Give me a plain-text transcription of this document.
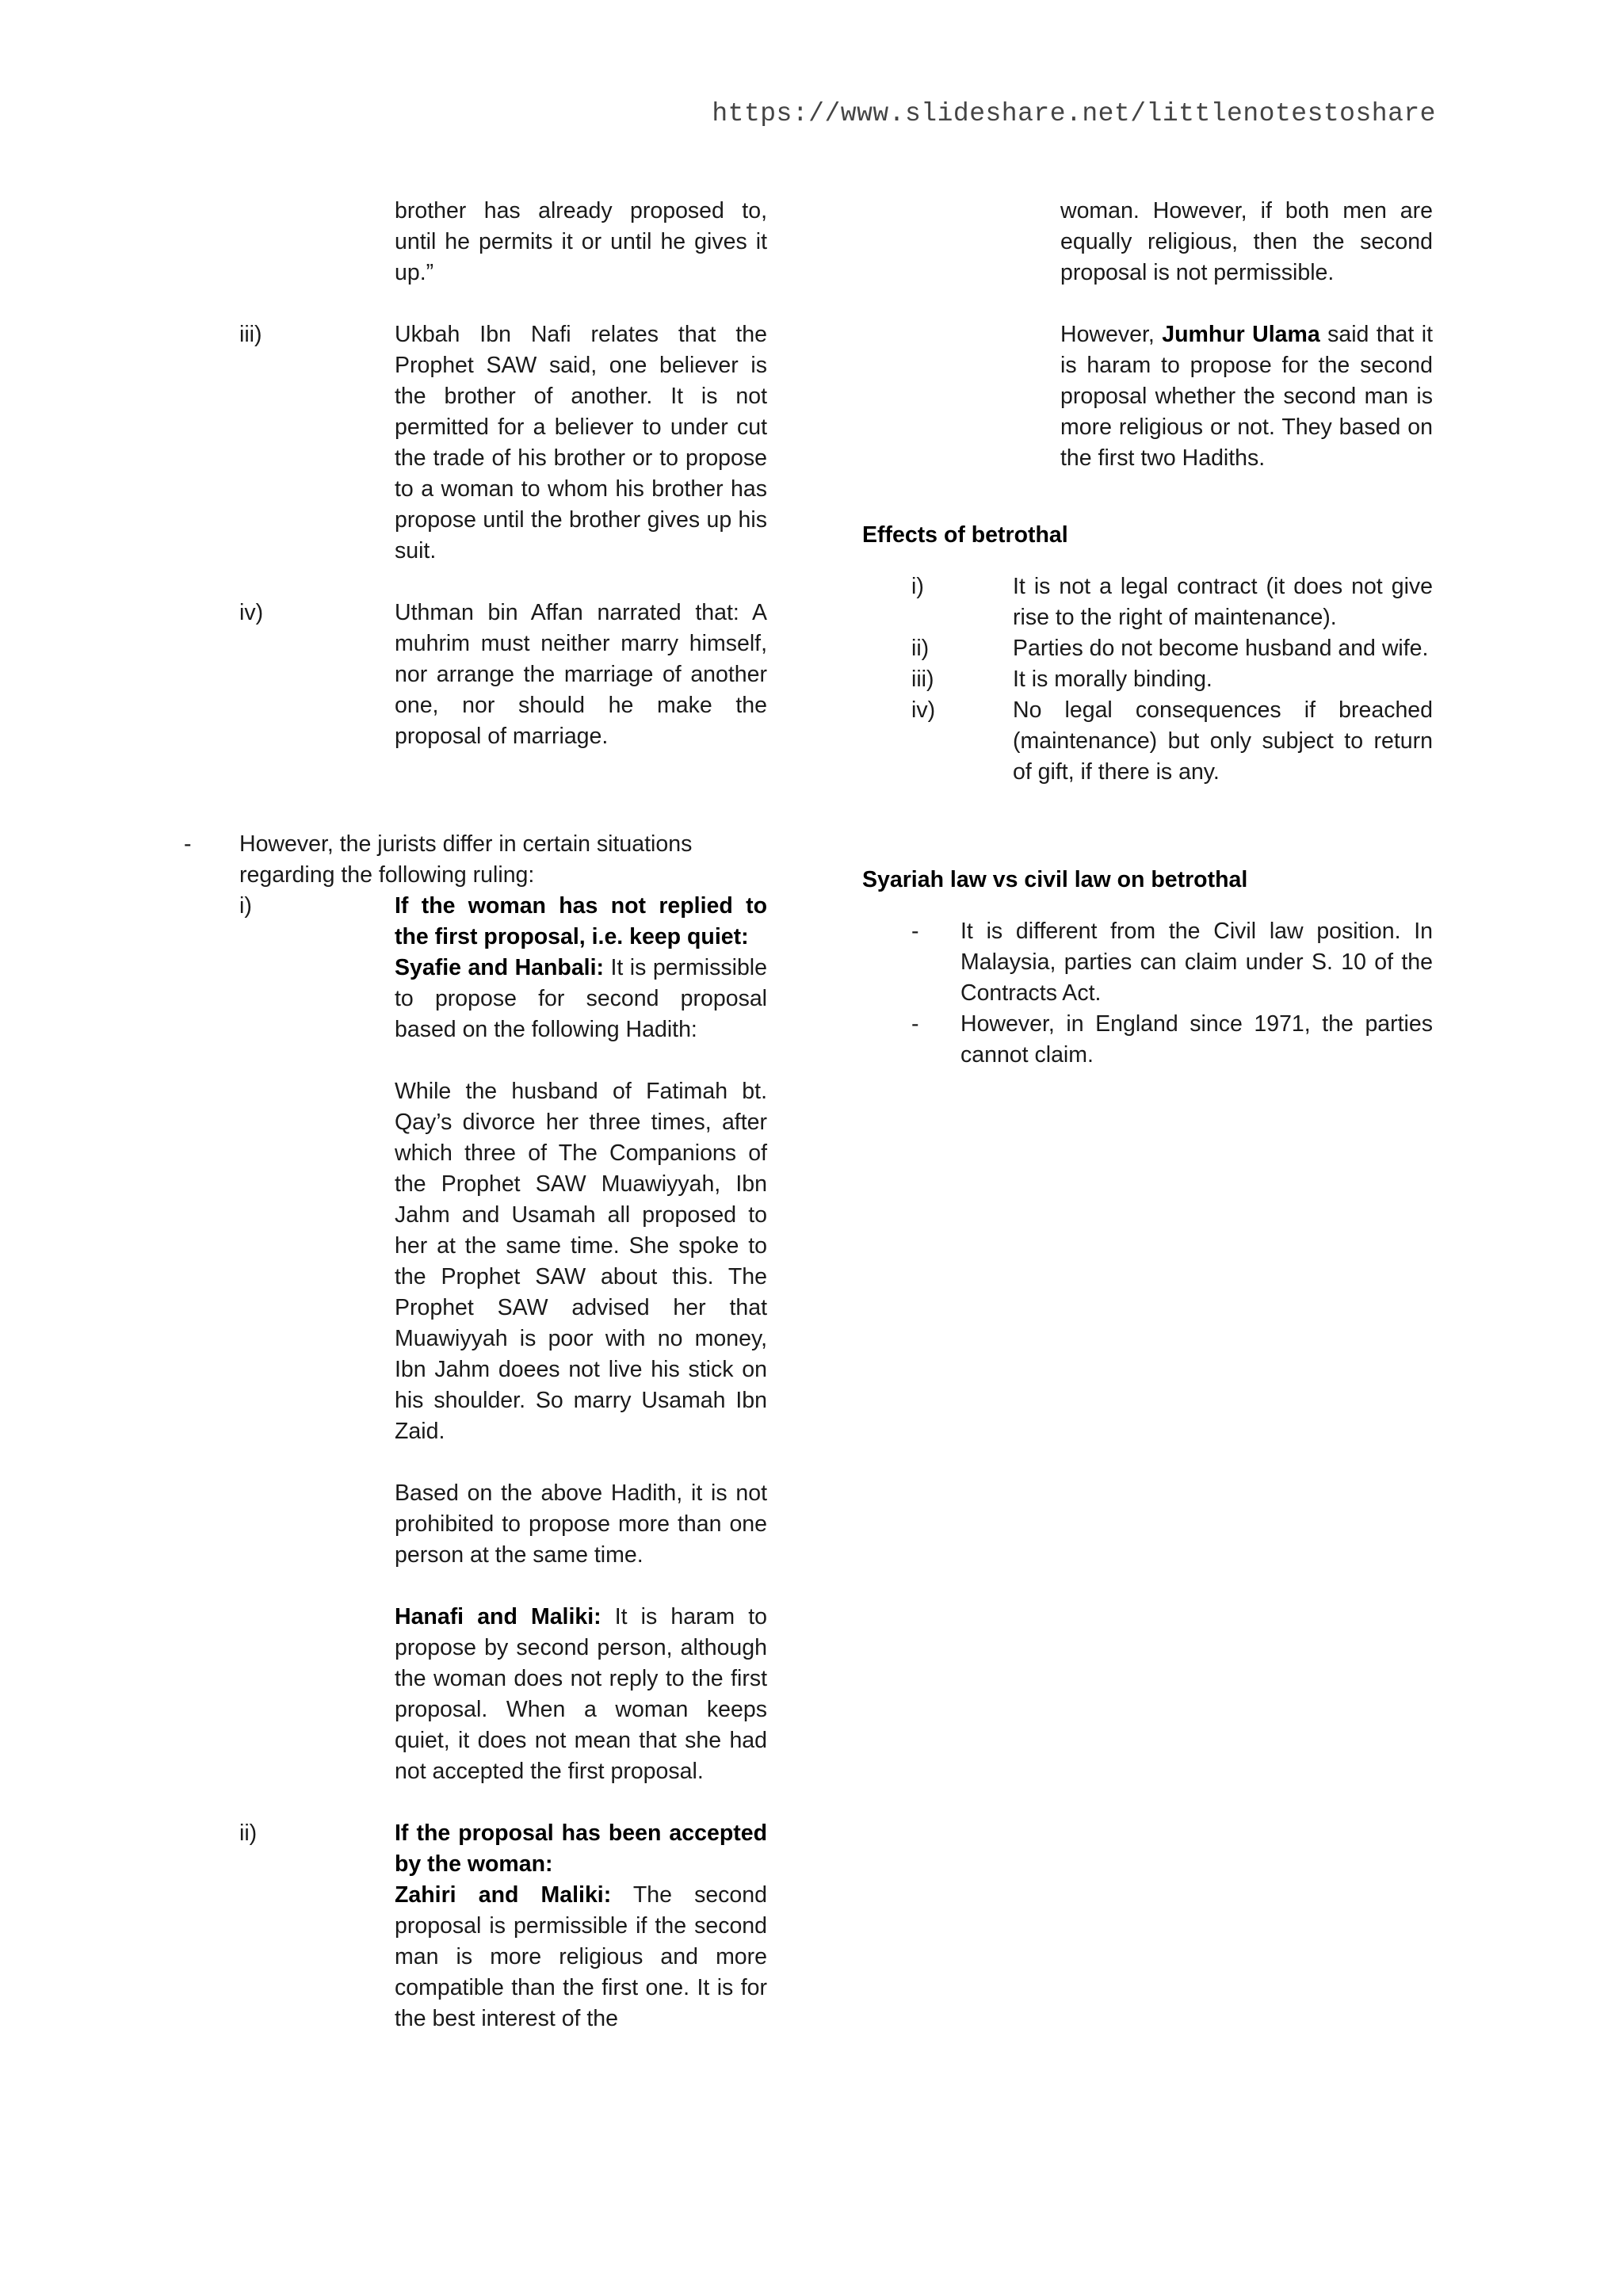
https://www.slideshare.net/littlenotestoshare
brother has already proposed to, until he permits it or until he gives it up.”
iii)	Ukbah Ibn Nafi relates that the Prophet SAW said, one believer is the brother of another. It is not permitted for a believer to under cut the trade of his brother or to propose to a woman to whom his brother has propose until the brother gives up his suit.
iv)	Uthman bin Affan narrated that: A muhrim must neither marry himself, nor arrange the marriage of another one, nor should he make the proposal of marriage.
- However, the jurists differ in certain situations regarding the following ruling:
i)	If the woman has not replied to the first proposal, i.e. keep quiet:
Syafie and Hanbali: It is permissible to propose for second proposal based on the following Hadith:

While the husband of Fatimah bt. Qay’s divorce her three times, after which three of The Companions of the Prophet SAW Muawiyyah, Ibn Jahm and Usamah all proposed to her at the same time. She spoke to the Prophet SAW about this. The Prophet SAW advised her that Muawiyyah is poor with no money, Ibn Jahm doees not live his stick on his shoulder. So marry Usamah Ibn Zaid.

Based on the above Hadith, it is not prohibited to propose more than one person at the same time.

Hanafi and Maliki: It is haram to propose by second person, although the woman does not reply to the first proposal. When a woman keeps quiet, it does not mean that she had not accepted the first proposal.

ii)	If the proposal has been accepted by the woman:
Zahiri and Maliki: The second proposal is permissible if the second man is more religious and more compatible than the first one. It is for the best interest of the

woman. However, if both men are equally religious, then the second proposal is not permissible.
However, Jumhur Ulama said that it is haram to propose for the second proposal whether the second man is more religious or not. They based on the first two Hadiths.
Effects of betrothal
i)	It is not a legal contract (it does not give rise to the right of maintenance).
ii)	Parties do not become husband and wife.
iii)	It is morally binding.
iv)	No legal consequences if breached (maintenance) but only subject to return of gift, if there is any.
Syariah law vs civil law on betrothal
- It is different from the Civil law position. In Malaysia, parties can claim under S. 10 of the Contracts Act.
- However, in England since 1971, the parties cannot claim.
